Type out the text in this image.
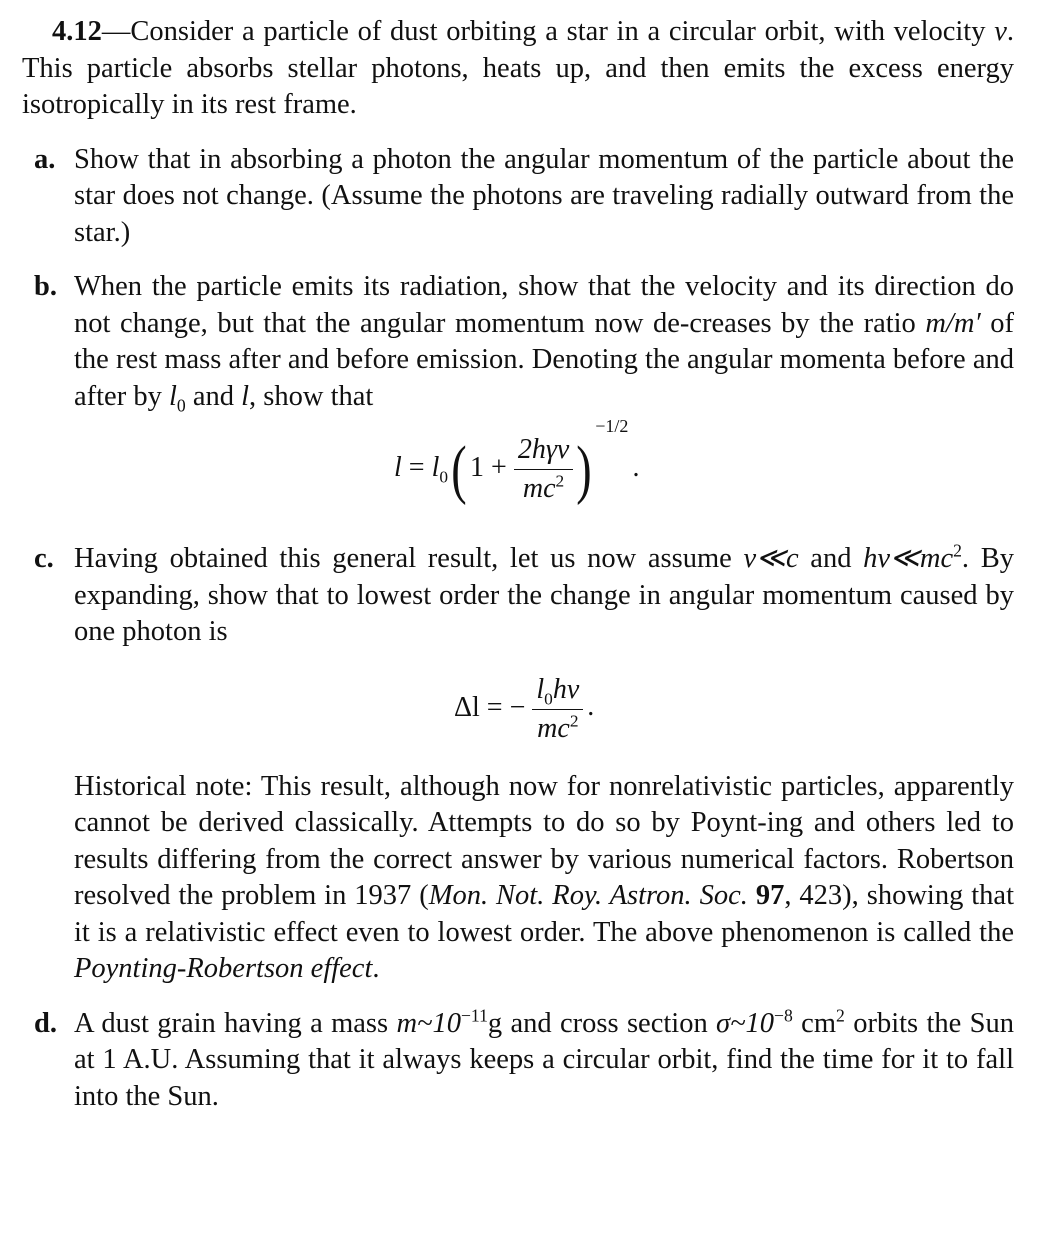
4.12—Consider a particle of dust orbiting a star in a circular orbit, with velocity v. This particle absorbs stellar photons, heats up, and then emits the excess energy isotropically in its rest frame.

a. Show that in absorbing a photon the angular momentum of the particle about the star does not change. (Assume the photons are traveling radially outward from the star.)

b. When the particle emits its radiation, show that the velocity and its direction do not change, but that the angular momentum now de-creases by the ratio m/m′ of the rest mass after and before emission. Denoting the angular momenta before and after by $l_0$ and l, show that

$l = l_0$( $1 + \frac{\text{2hγν}}{mc^2} )^{-1/2}$.

c. Having obtained this general result, let us now assume v≪c and $h\nu≪mc^2$. By expanding, show that to lowest order the change in angular momentum caused by one photon is

Δl = − $\frac{l_0h\nu}{mc^2}$ .

Historical note: This result, although now for nonrelativistic particles, apparently cannot be derived classically. Attempts to do so by Poynt-ing and others led to results differing from the correct answer by various numerical factors. Robertson resolved the problem in 1937 (Mon. Not. Roy. Astron. Soc. 97, 423), showing that it is a relativistic effect even to lowest order. The above phenomenon is called the Poynting-Robertson effect.

d. A dust grain having a mass $m\sim 10^{-11}g$ and cross section $\sigma\sim 10^{-8}$ $cm^2$ orbits the Sun at 1 A.U. Assuming that it always keeps a circular orbit, find the time for it to fall into the Sun.
